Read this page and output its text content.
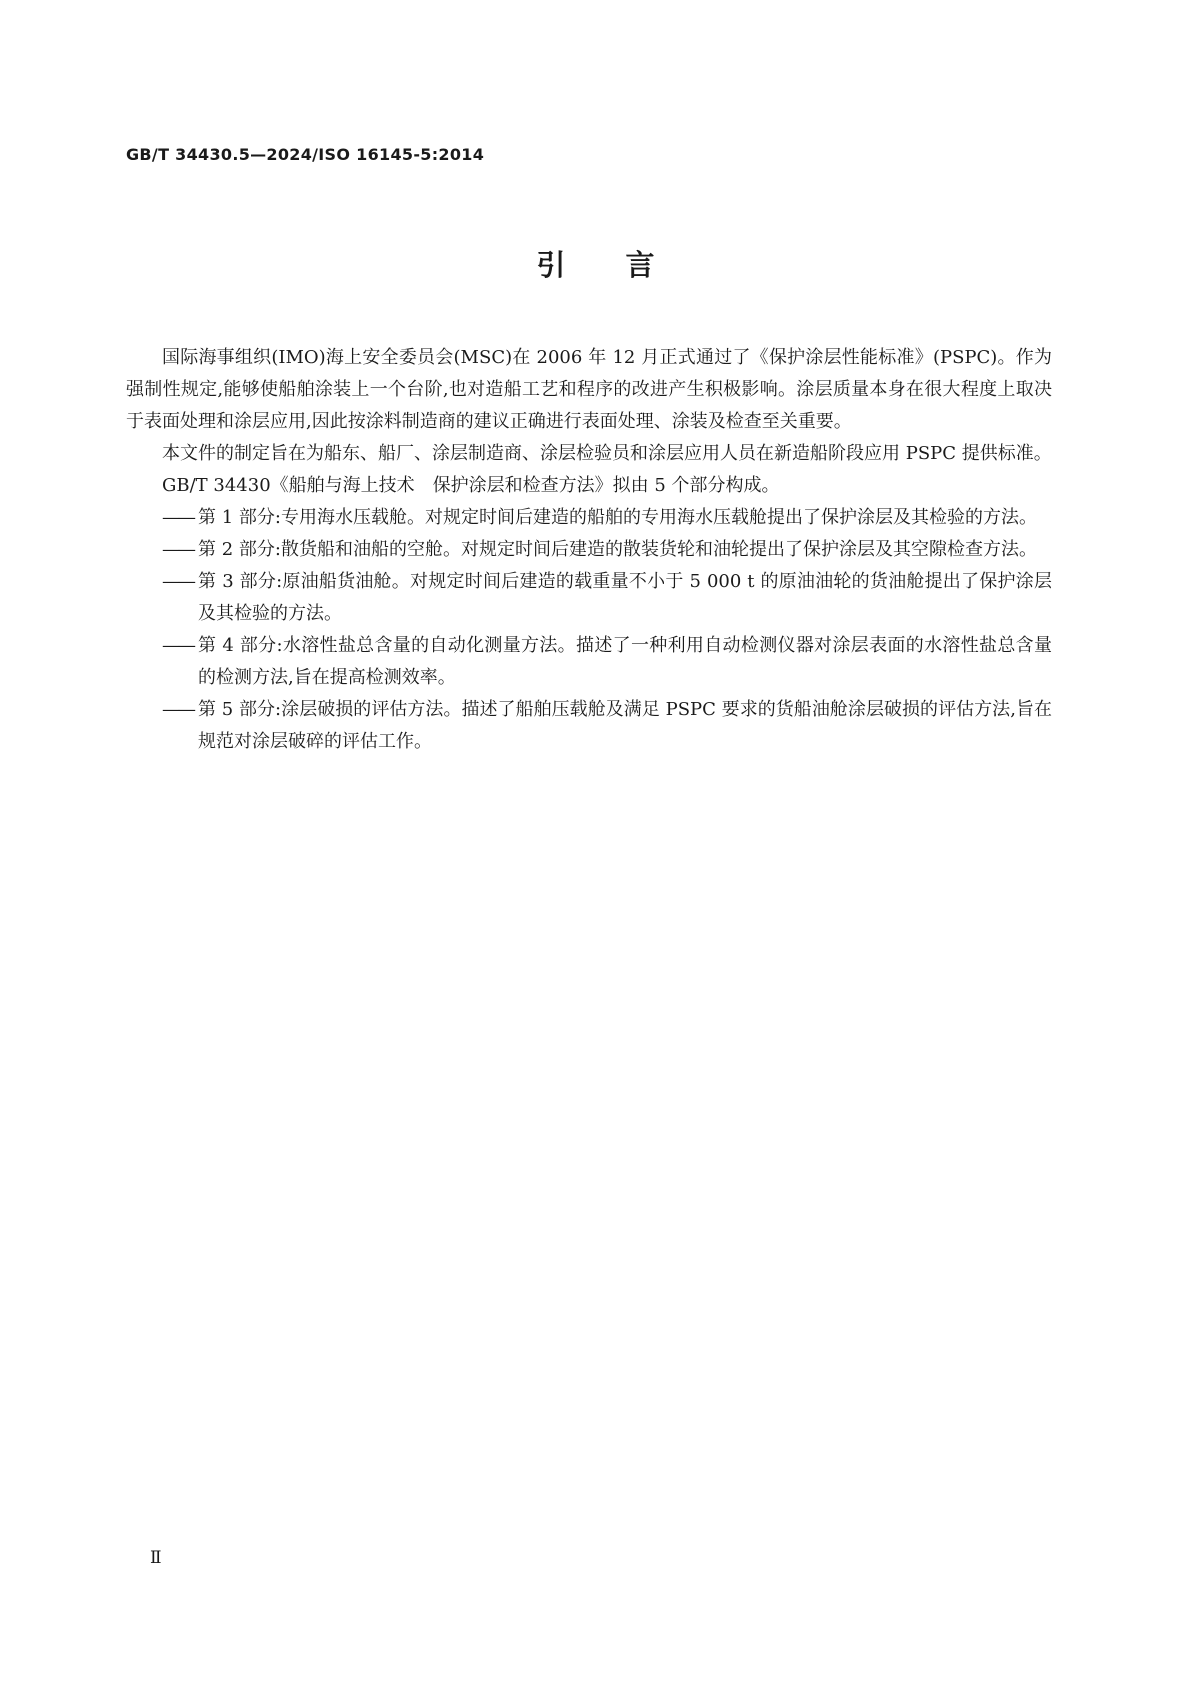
GB/T 34430.5—2024/ISO 16145-5:2014
引言

国际海事组织(IMO)海上安全委员会(MSC)在 2006 年 12 月正式通过了《保护涂层性能标准》(PSPC)。作为强制性规定,能够使船舶涂装上一个台阶,也对造船工艺和程序的改进产生积极影响。涂层质量本身在很大程度上取决于表面处理和涂层应用,因此按涂料制造商的建议正确进行表面处理、涂装及检查至关重要。

本文件的制定旨在为船东、船厂、涂层制造商、涂层检验员和涂层应用人员在新造船阶段应用 PSPC 提供标准。

GB/T 34430《船舶与海上技术　保护涂层和检查方法》拟由 5 个部分构成。

—— 第 1 部分:专用海水压载舱。对规定时间后建造的船舶的专用海水压载舱提出了保护涂层及其检验的方法。
—— 第 2 部分:散货船和油船的空舱。对规定时间后建造的散装货轮和油轮提出了保护涂层及其空隙检查方法。
—— 第 3 部分:原油船货油舱。对规定时间后建造的载重量不小于 5 000 t 的原油油轮的货油舱提出了保护涂层及其检验的方法。
—— 第 4 部分:水溶性盐总含量的自动化测量方法。描述了一种利用自动检测仪器对涂层表面的水溶性盐总含量的检测方法,旨在提高检测效率。
—— 第 5 部分:涂层破损的评估方法。描述了船舶压载舱及满足 PSPC 要求的货船油舱涂层破损的评估方法,旨在规范对涂层破碎的评估工作。
Ⅱ
